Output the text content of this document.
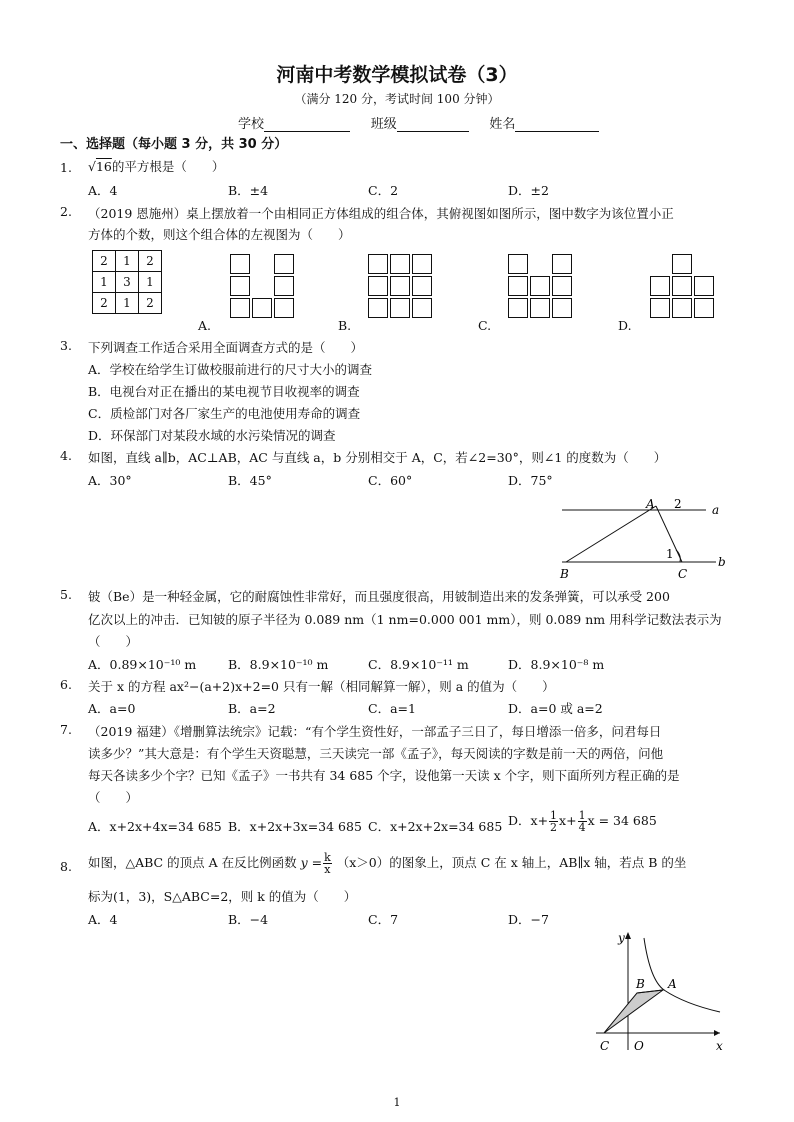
河南中考数学模拟试卷（3）
（满分 120 分，考试时间 100 分钟）
学校	班级	姓名
一、选择题（每小题 3 分，共 30 分）
1. √16的平方根是（　　）
A．4	B．±4	C．2	D．±2
2. （2019 恩施州）桌上摆放着一个由相同正方体组成的组合体，其俯视图如图所示，图中数字为该位置小正
方体的个数，则这个组合体的左视图为（　　）
2	1	2
1	3	1
2	1	2
A.	B.	C.	D.
3. 下列调查工作适合采用全面调查方式的是（　　）
A．学校在给学生订做校服前进行的尺寸大小的调查
B．电视台对正在播出的某电视节目收视率的调查
C．质检部门对各厂家生产的电池使用寿命的调查
D．环保部门对某段水域的水污染情况的调查
4. 如图，直线 a∥b，AC⊥AB，AC 与直线 a，b 分别相交于 A，C，若∠2=30°，则∠1 的度数为（　　）
A．30°	B．45°	C．60°	D．75°
A 2	a
1
b
B	C
5. 铍（Be）是一种轻金属，它的耐腐蚀性非常好，而且强度很高，用铍制造出来的发条弹簧，可以承受 200
亿次以上的冲击．已知铍的原子半径为 0.089 nm（1 nm=0.000 001 mm），则 0.089 nm 用科学记数法表示为
（　　）
A．0.89×10⁻¹⁰ m	B．8.9×10⁻¹⁰ m	C．8.9×10⁻¹¹ m	D．8.9×10⁻⁸ m
6. 关于 x 的方程 ax²−(a+2)x+2=0 只有一解（相同解算一解），则 a 的值为（　　）
A．a=0	B．a=2	C．a=1	D．a=0 或 a=2
7. （2019 福建）《增删算法统宗》记载：“有个学生资性好，一部孟子三日了，每日增添一倍多，问君每日
读多少？”其大意是：有个学生天资聪慧，三天读完一部《孟子》，每天阅读的字数是前一天的两倍，问他
每天各读多少个字？已知《孟子》一书共有 34 685 个字，设他第一天读 x 个字，则下面所列方程正确的是
（　　）
A．x+2x+4x=34 685 B．x+2x+3x=34 685 C．x+2x+2x=34 685 D．$x+ \frac{1}{2} x+ \frac{1}{4}$ x = 34 685
8. 如图，△ABC 的顶点 A 在反比例函数 $y = \frac{k}{x} (x>0)$的图象上，顶点 C 在 x 轴上，AB∥x 轴，若点 B 的坐
标为(1，3)，S△ABC=2，则 k 的值为（　　）
A．4	B．−4	C．7	D．−7
y
B A
C O	x
1
